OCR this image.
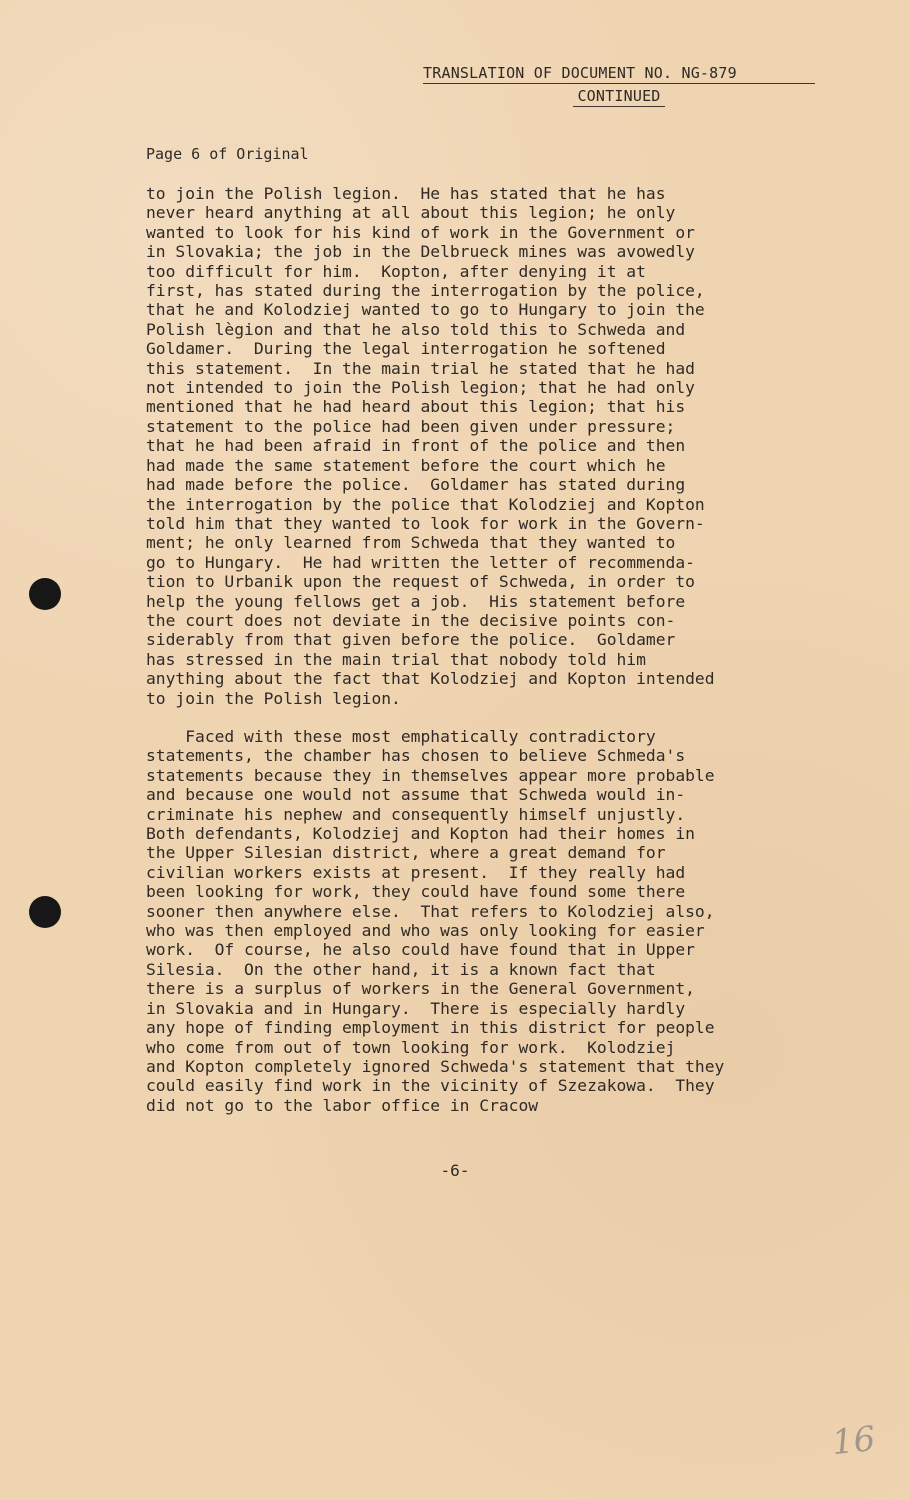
TRANSLATION OF DOCUMENT NO. NG-879
CONTINUED
Page 6 of Original
to join the Polish legion.  He has stated that he has
never heard anything at all about this legion; he only
wanted to look for his kind of work in the Government or
in Slovakia; the job in the Delbrueck mines was avowedly
too difficult for him.  Kopton, after denying it at
first, has stated during the interrogation by the police,
that he and Kolodziej wanted to go to Hungary to join the
Polish lègion and that he also told this to Schweda and
Goldamer.  During the legal interrogation he softened
this statement.  In the main trial he stated that he had
not intended to join the Polish legion; that he had only
mentioned that he had heard about this legion; that his
statement to the police had been given under pressure;
that he had been afraid in front of the police and then
had made the same statement before the court which he
had made before the police.  Goldamer has stated during
the interrogation by the police that Kolodziej and Kopton
told him that they wanted to look for work in the Govern-
ment; he only learned from Schweda that they wanted to
go to Hungary.  He had written the letter of recommenda-
tion to Urbanik upon the request of Schweda, in order to
help the young fellows get a job.  His statement before
the court does not deviate in the decisive points con-
siderably from that given before the police.  Goldamer
has stressed in the main trial that nobody told him
anything about the fact that Kolodziej and Kopton intended
to join the Polish legion.
Faced with these most emphatically contradictory
statements, the chamber has chosen to believe Schmeda's
statements because they in themselves appear more probable
and because one would not assume that Schweda would in-
criminate his nephew and consequently himself unjustly.
Both defendants, Kolodziej and Kopton had their homes in
the Upper Silesian district, where a great demand for
civilian workers exists at present.  If they really had
been looking for work, they could have found some there
sooner then anywhere else.  That refers to Kolodziej also,
who was then employed and who was only looking for easier
work.  Of course, he also could have found that in Upper
Silesia.  On the other hand, it is a known fact that
there is a surplus of workers in the General Government,
in Slovakia and in Hungary.  There is especially hardly
any hope of finding employment in this district for people
who come from out of town looking for work.  Kolodziej
and Kopton completely ignored Schweda's statement that they
could easily find work in the vicinity of Szezakowa.  They
did not go to the labor office in Cracow
-6-
16
